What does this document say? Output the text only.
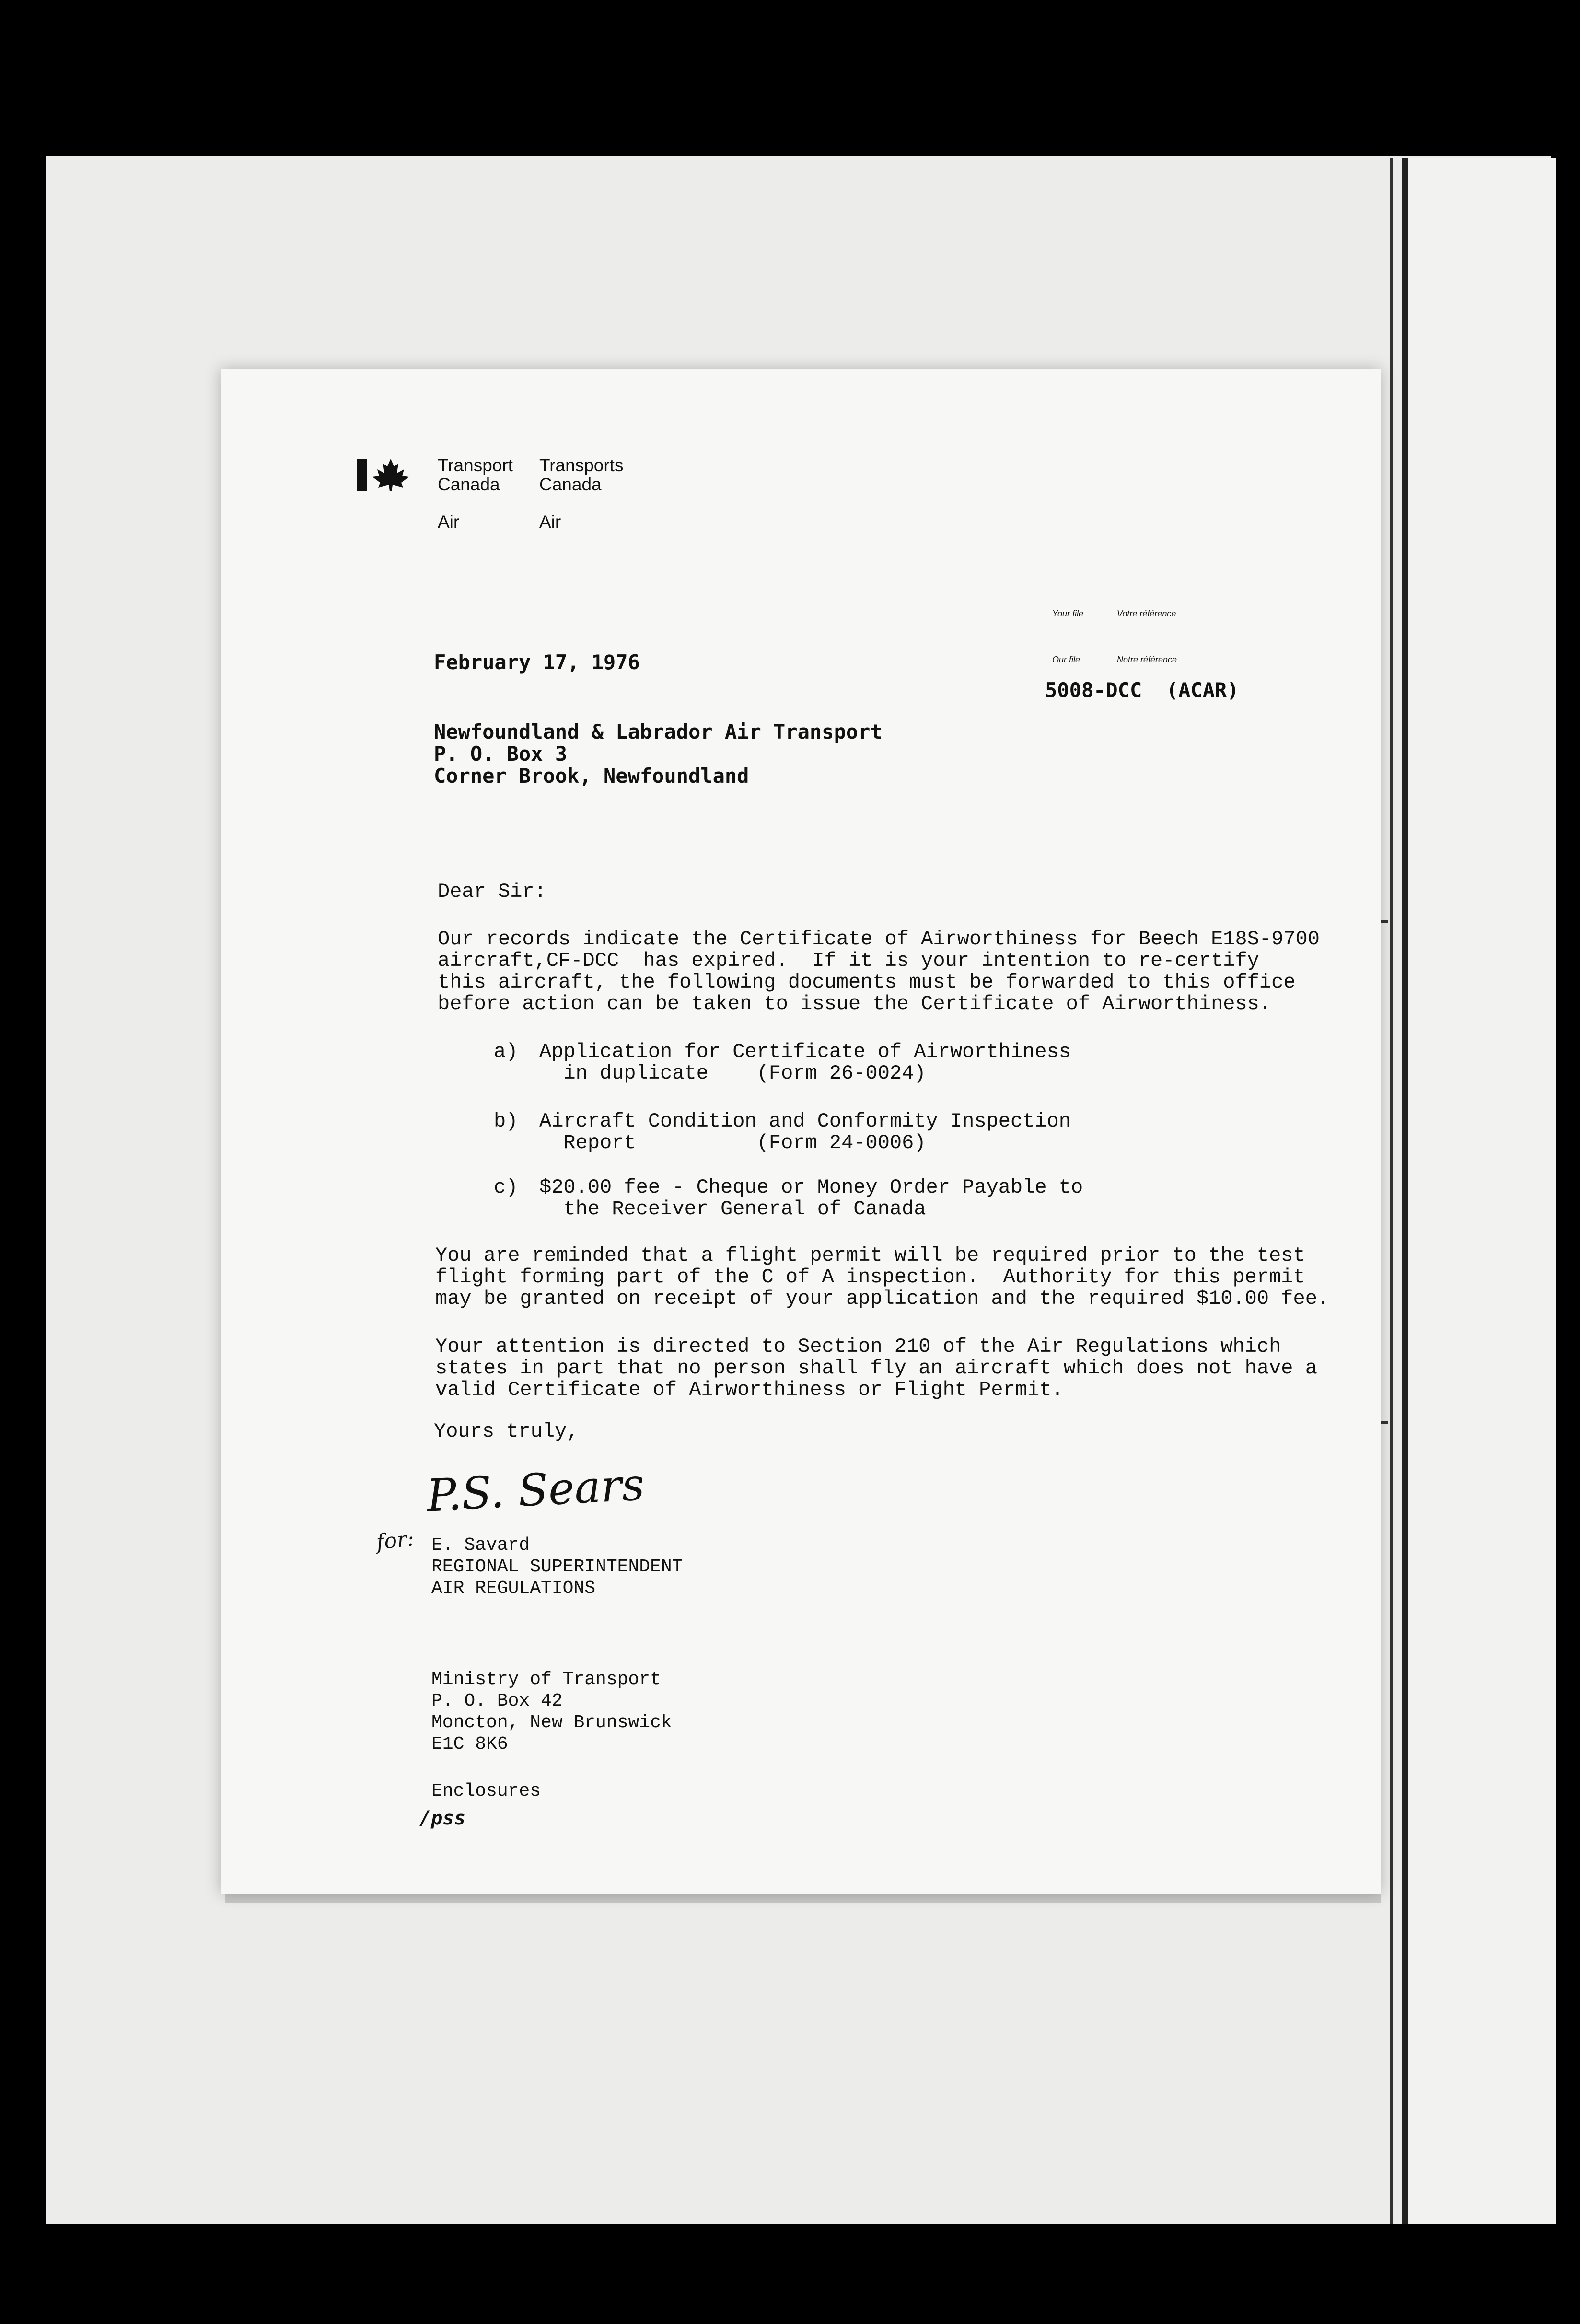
Transport
Canada
Transports
Canada
Air	Air
Your file	Votre référence
Our file	Notre référence
5008-DCC  (ACAR)
February 17, 1976
Newfoundland & Labrador Air Transport
P. O. Box 3
Corner Brook, Newfoundland
Dear Sir:
Our records indicate the Certificate of Airworthiness for Beech E18S-9700
aircraft,CF-DCC  has expired.  If it is your intention to re-certify
this aircraft, the following documents must be forwarded to this office
before action can be taken to issue the Certificate of Airworthiness.
a) Application for Certificate of Airworthiness
in duplicate    (Form 26-0024)
b) Aircraft Condition and Conformity Inspection
Report          (Form 24-0006)
c) $20.00 fee - Cheque or Money Order Payable to
the Receiver General of Canada
You are reminded that a flight permit will be required prior to the test
flight forming part of the C of A inspection.  Authority for this permit
may be granted on receipt of your application and the required $10.00 fee.
Your attention is directed to Section 210 of the Air Regulations which
states in part that no person shall fly an aircraft which does not have a
valid Certificate of Airworthiness or Flight Permit.
Yours truly,
P.S. Sears
for: E. Savard
REGIONAL SUPERINTENDENT
AIR REGULATIONS
Ministry of Transport
P. O. Box 42
Moncton, New Brunswick
E1C 8K6
Enclosures
/pss
